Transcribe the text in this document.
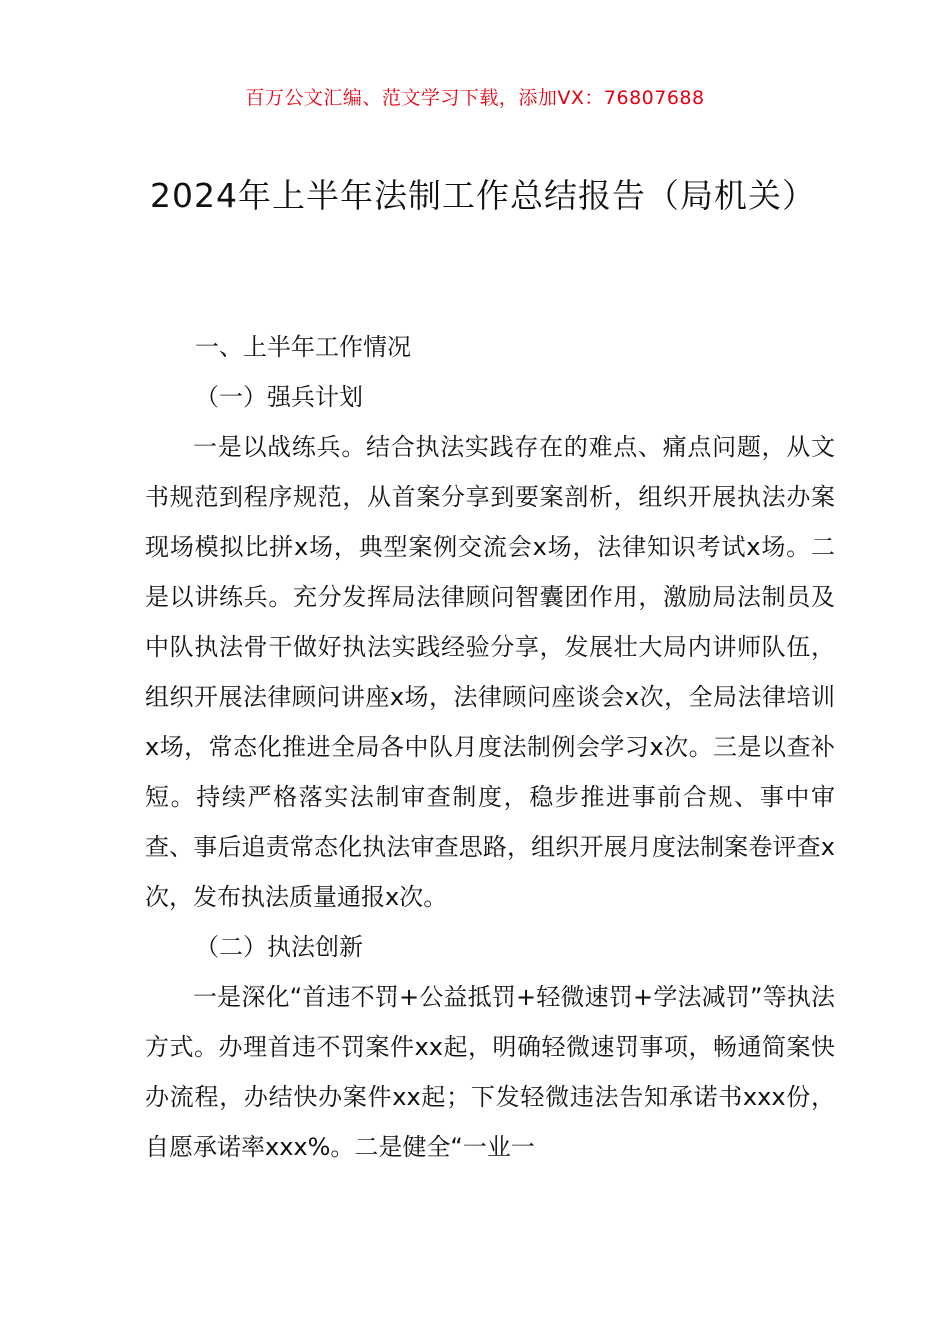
百万公文汇编、范文学习下载，添加VX：76807688
2024年上半年法制工作总结报告（局机关）

一、上半年工作情况

（一）强兵计划

一是以战练兵。结合执法实践存在的难点、痛点问题，从文书规范到程序规范，从首案分享到要案剖析，组织开展执法办案现场模拟比拼x场，典型案例交流会x场，法律知识考试x场。二是以讲练兵。充分发挥局法律顾问智囊团作用，激励局法制员及中队执法骨干做好执法实践经验分享，发展壮大局内讲师队伍，组织开展法律顾问讲座x场，法律顾问座谈会x次，全局法律培训x场，常态化推进全局各中队月度法制例会学习x次。三是以查补短。持续严格落实法制审查制度，稳步推进事前合规、事中审查、事后追责常态化执法审查思路，组织开展月度法制案卷评查x次，发布执法质量通报x次。

（二）执法创新

一是深化“首违不罚+公益抵罚+轻微速罚+学法减罚”等执法方式。办理首违不罚案件xx起，明确轻微速罚事项，畅通简案快办流程，办结快办案件xx起；下发轻微违法告知承诺书xxx份，自愿承诺率xxx%。二是健全“一业一
